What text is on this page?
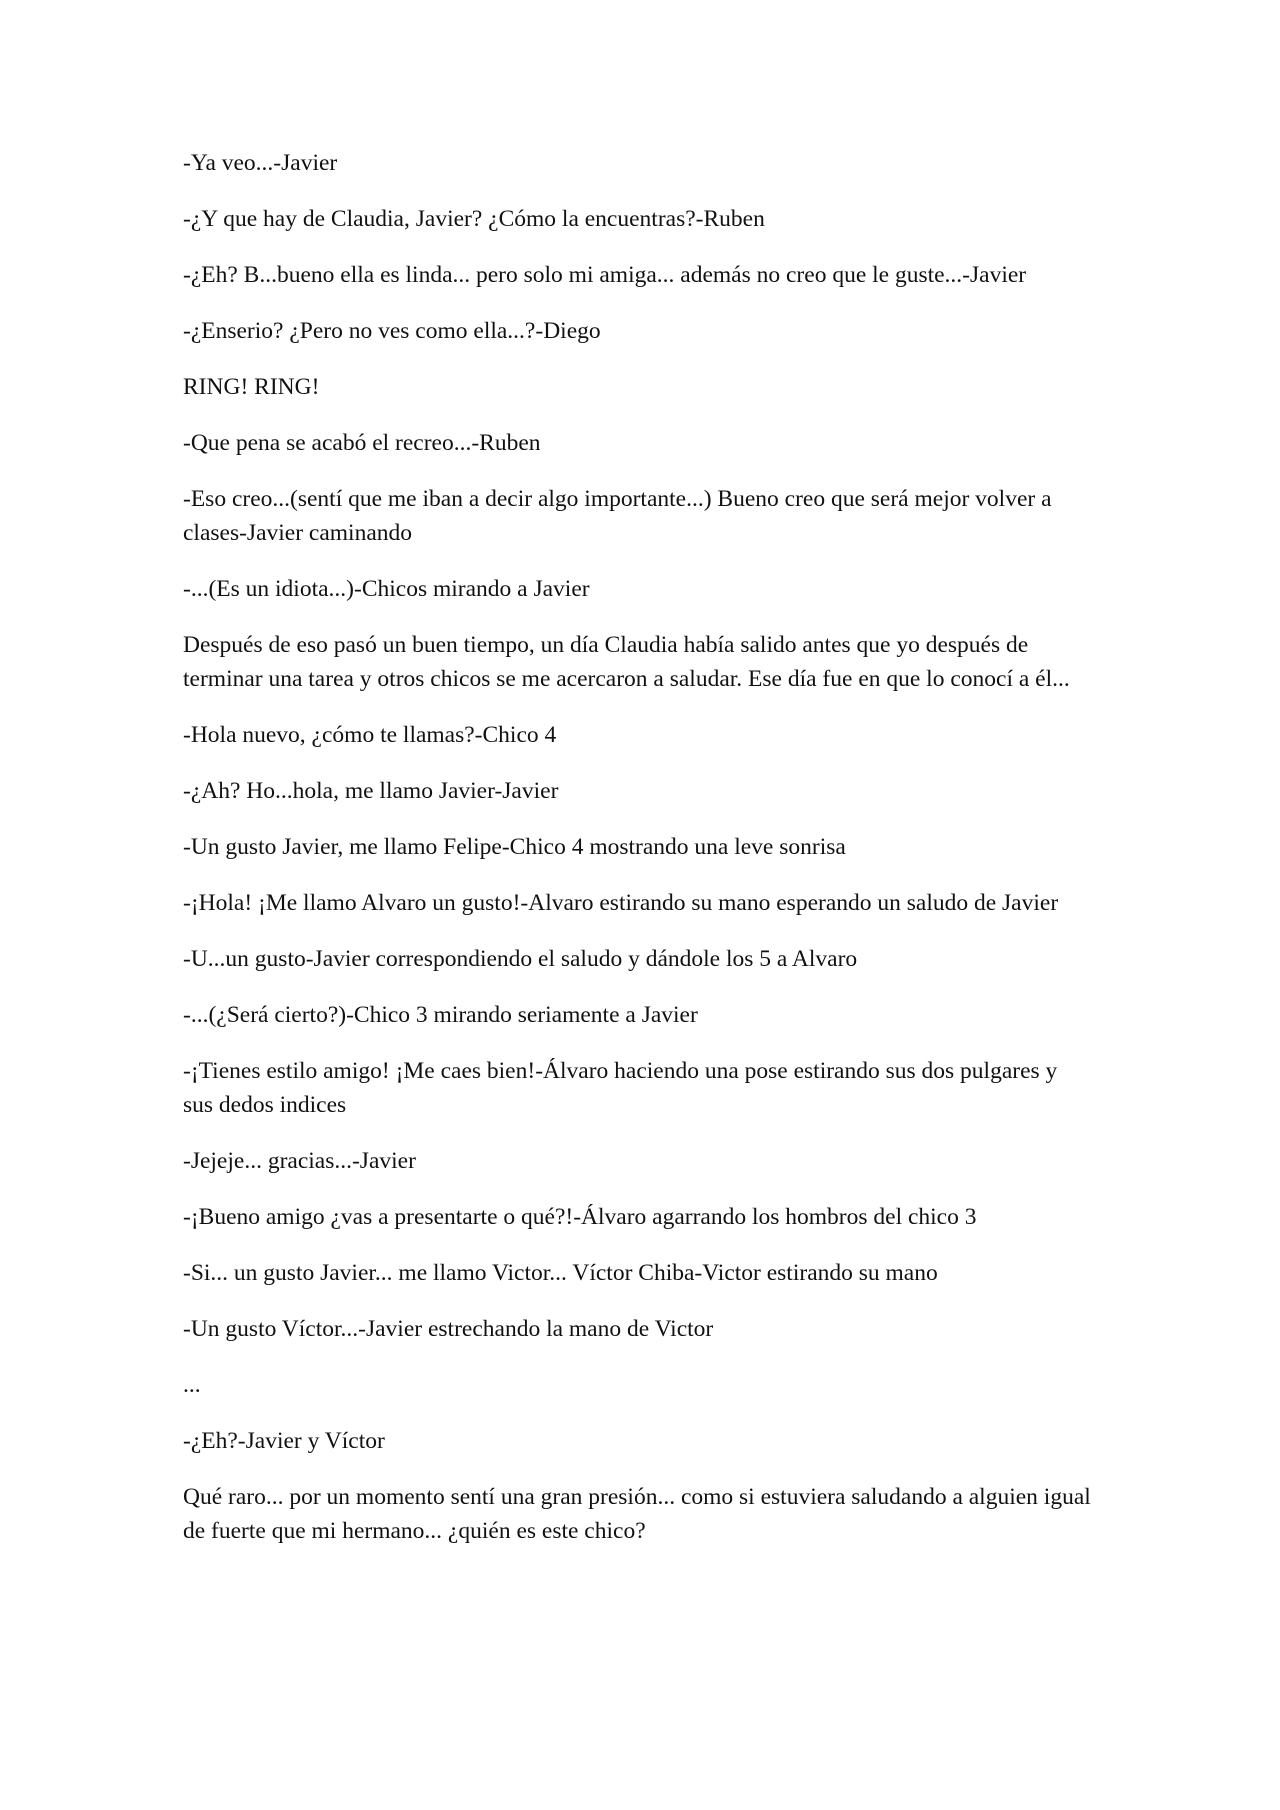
-Ya veo...-Javier

-¿Y que hay de Claudia, Javier? ¿Cómo la encuentras?-Ruben

-¿Eh? B...bueno ella es linda... pero solo mi amiga... además no creo que le guste...-Javier

-¿Enserio? ¿Pero no ves como ella...?-Diego

RING! RING!

-Que pena se acabó el recreo...-Ruben

-Eso creo...(sentí que me iban a decir algo importante...) Bueno creo que será mejor volver a clases-Javier caminando

-...(Es un idiota...)-Chicos mirando a Javier

Después de eso pasó un buen tiempo, un día Claudia había salido antes que yo después de terminar una tarea y otros chicos se me acercaron a saludar. Ese día fue en que lo conocí a él...

-Hola nuevo, ¿cómo te llamas?-Chico 4

-¿Ah? Ho...hola, me llamo Javier-Javier

-Un gusto Javier, me llamo Felipe-Chico 4 mostrando una leve sonrisa

-¡Hola! ¡Me llamo Alvaro un gusto!-Alvaro estirando su mano esperando un saludo de Javier

-U...un gusto-Javier correspondiendo el saludo y dándole los 5 a Alvaro

-...(¿Será cierto?)-Chico 3 mirando seriamente a Javier

-¡Tienes estilo amigo! ¡Me caes bien!-Álvaro haciendo una pose estirando sus dos pulgares y sus dedos indices

-Jejeje... gracias...-Javier

-¡Bueno amigo ¿vas a presentarte o qué?!-Álvaro agarrando los hombros del chico 3

-Si... un gusto Javier... me llamo Victor... Víctor Chiba-Victor estirando su mano

-Un gusto Víctor...-Javier estrechando la mano de Victor

...

-¿Eh?-Javier y Víctor

Qué raro... por un momento sentí una gran presión... como si estuviera saludando a alguien igual de fuerte que mi hermano... ¿quién es este chico?
